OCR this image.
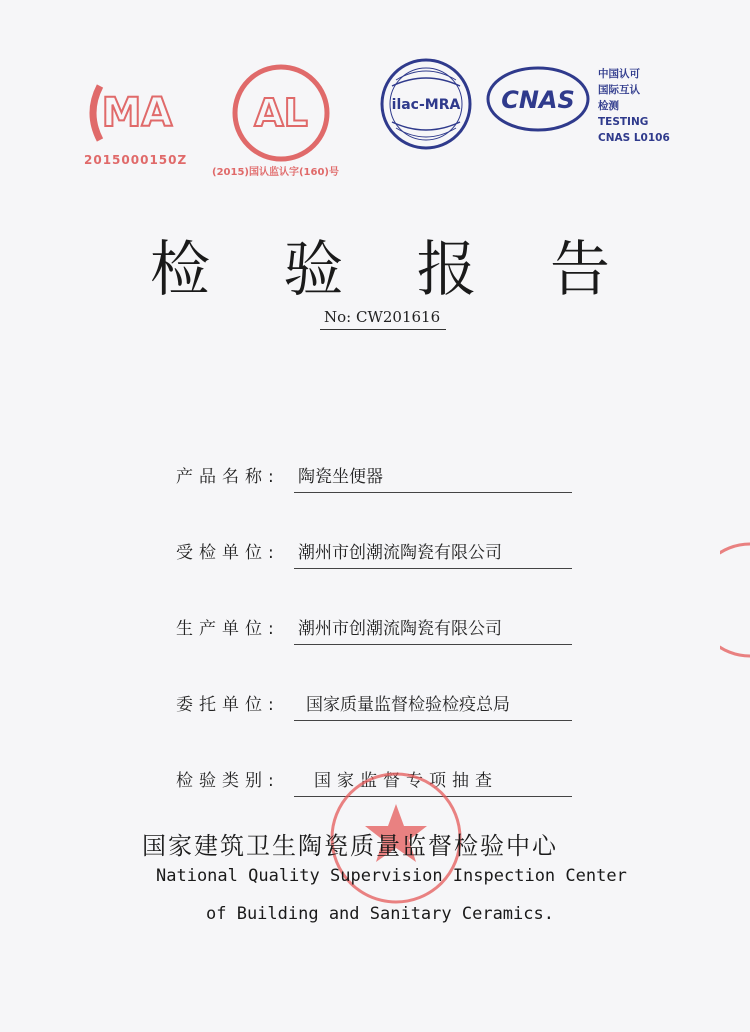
MA
2015000150Z
AL
(2015)国认监认字(160)号
ilac-MRA CNAS
中国认可
国际互认
检测
TESTING
CNAS L0106
检 验 报 告
No: CW201616
产品名称: 陶瓷坐便器
受检单位: 潮州市创潮流陶瓷有限公司
生产单位: 潮州市创潮流陶瓷有限公司
委托单位: 国家质量监督检验检疫总局
检验类别: 国家监督专项抽查
国家建筑卫生陶瓷质量监督检验中心
National Quality Supervision Inspection Center
of Building and Sanitary Ceramics.
